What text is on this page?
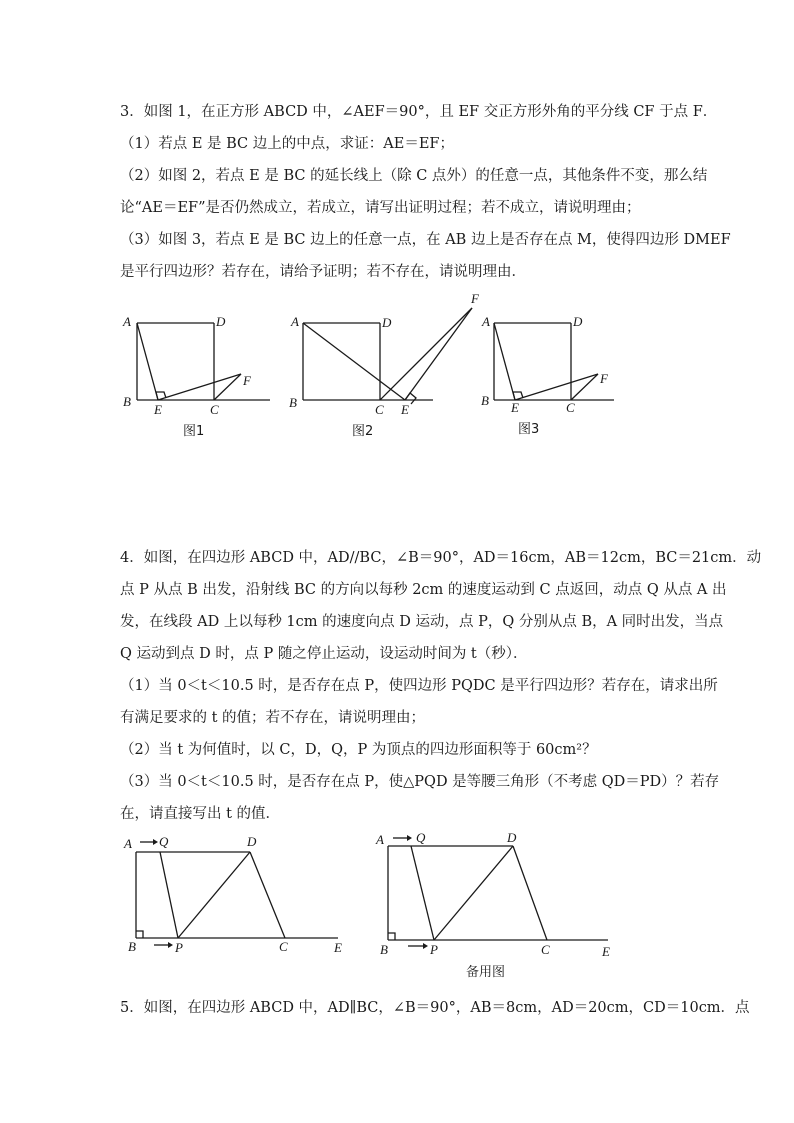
3．如图 1，在正方形 ABCD 中，∠AEF＝90°，且 EF 交正方形外角的平分线 CF 于点 F．
（1）若点 E 是 BC 边上的中点，求证：AE＝EF；
（2）如图 2，若点 E 是 BC 的延长线上（除 C 点外）的任意一点，其他条件不变，那么结
论“AE＝EF”是否仍然成立，若成立，请写出证明过程；若不成立，请说明理由；
（3）如图 3，若点 E 是 BC 边上的任意一点，在 AB 边上是否存在点 M，使得四边形 DMEF
是平行四边形？若存在，请给予证明；若不存在，请说明理由．
A	D
B
E	C
F
图1
A	D
B	C E
F
图2
A	D
B E	C
F
图3
4．如图，在四边形 ABCD 中，AD//BC，∠B＝90°，AD＝16cm，AB＝12cm，BC＝21cm．动
点 P 从点 B 出发，沿射线 BC 的方向以每秒 2cm 的速度运动到 C 点返回，动点 Q 从点 A 出
发，在线段 AD 上以每秒 1cm 的速度向点 D 运动，点 P，Q 分别从点 B，A 同时出发，当点
Q 运动到点 D 时，点 P 随之停止运动，设运动时间为 t（秒）．
（1）当 0＜t＜10.5 时，是否存在点 P，使四边形 PQDC 是平行四边形？若存在，请求出所
有满足要求的 t 的值；若不存在，请说明理由；
（2）当 t 为何值时，以 C，D，Q，P 为顶点的四边形面积等于 60cm²？
（3）当 0＜t＜10.5 时，是否存在点 P，使△PQD 是等腰三角形（不考虑 QD＝PD）？若存
在，请直接写出 t 的值．
A Q	D
B	P	C	E
A Q	D
B	P	C	E
备用图
5．如图，在四边形 ABCD 中，AD∥BC，∠B＝90°，AB＝8cm，AD＝20cm，CD＝10cm．点
